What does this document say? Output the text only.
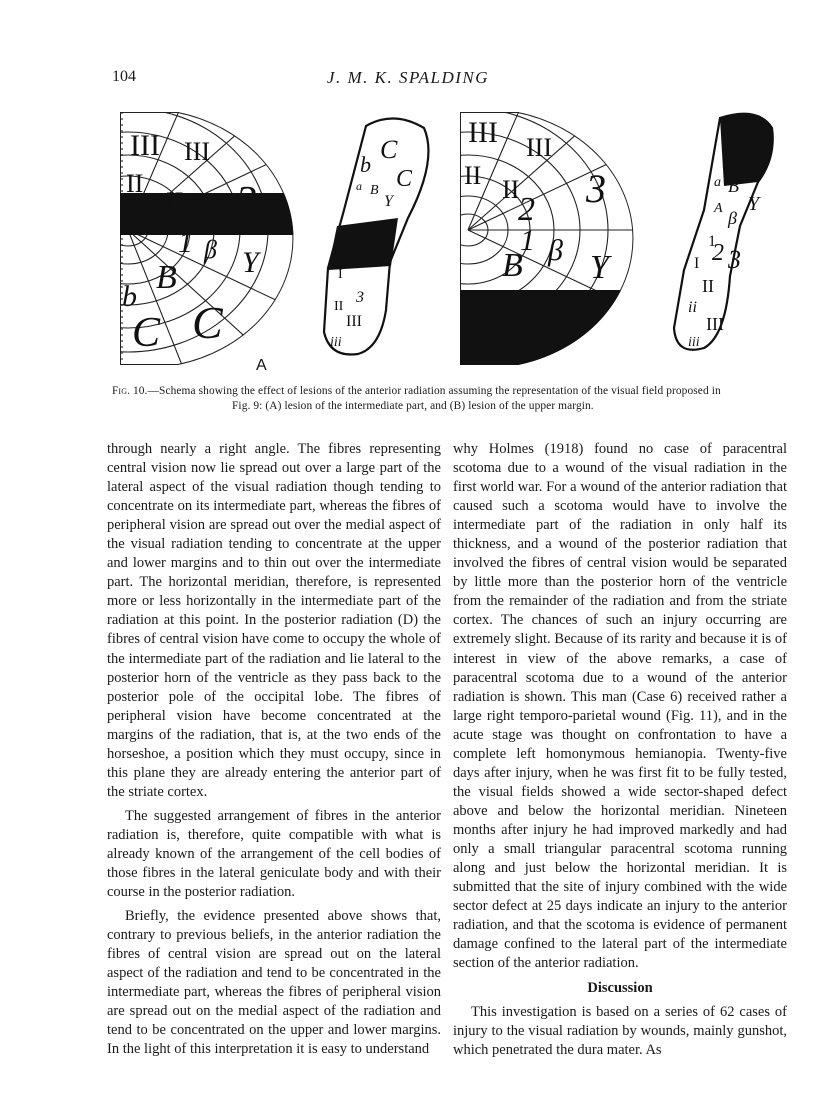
104	J. M. K. SPALDING
III III
II
II 3
2
1 β Y
B
b
C C
A
C
b
C
B
a
Y
I
3
II
III
iii
III III
II II 3
2
1 β Y
B
B
b
a B
Y
A β
1
2 3
I
II
ii
III
iii
Fig. 10.—Schema showing the effect of lesions of the anterior radiation assuming the representation of the visual field proposed in
Fig. 9: (A) lesion of the intermediate part, and (B) lesion of the upper margin.

through nearly a right angle. The fibres representing central vision now lie spread out over a large part of the lateral aspect of the visual radiation though tending to concentrate on its intermediate part, whereas the fibres of peripheral vision are spread out over the medial aspect of the visual radiation tending to concentrate at the upper and lower margins and to thin out over the intermediate part. The horizontal meridian, therefore, is represented more or less horizontally in the intermediate part of the radiation at this point. In the posterior radiation (D) the fibres of central vision have come to occupy the whole of the intermediate part of the radiation and lie lateral to the posterior horn of the ventricle as they pass back to the posterior pole of the occipital lobe. The fibres of peripheral vision have become concentrated at the margins of the radiation, that is, at the two ends of the horseshoe, a position which they must occupy, since in this plane they are already entering the anterior part of the striate cortex.

The suggested arrangement of fibres in the anterior radiation is, therefore, quite compatible with what is already known of the arrangement of the cell bodies of those fibres in the lateral geniculate body and with their course in the posterior radiation.

Briefly, the evidence presented above shows that, contrary to previous beliefs, in the anterior radiation the fibres of central vision are spread out on the lateral aspect of the radiation and tend to be concentrated in the intermediate part, whereas the fibres of peripheral vision are spread out on the medial aspect of the radiation and tend to be concentrated on the upper and lower margins. In the light of this interpretation it is easy to understand

why Holmes (1918) found no case of paracentral scotoma due to a wound of the visual radiation in the first world war. For a wound of the anterior radiation that caused such a scotoma would have to involve the intermediate part of the radiation in only half its thickness, and a wound of the posterior radiation that involved the fibres of central vision would be separated by little more than the posterior horn of the ventricle from the remainder of the radiation and from the striate cortex. The chances of such an injury occurring are extremely slight. Because of its rarity and because it is of interest in view of the above remarks, a case of paracentral scotoma due to a wound of the anterior radiation is shown. This man (Case 6) received rather a large right temporo-parietal wound (Fig. 11), and in the acute stage was thought on confrontation to have a complete left homonymous hemianopia. Twenty-five days after injury, when he was first fit to be fully tested, the visual fields showed a wide sector-shaped defect above and below the horizontal meridian. Nineteen months after injury he had improved markedly and had only a small triangular paracentral scotoma running along and just below the horizontal meridian. It is submitted that the site of injury combined with the wide sector defect at 25 days indicate an injury to the anterior radiation, and that the scotoma is evidence of permanent damage confined to the lateral part of the intermediate section of the anterior radiation.

Discussion

This investigation is based on a series of 62 cases of injury to the visual radiation by wounds, mainly gunshot, which penetrated the dura mater. As
